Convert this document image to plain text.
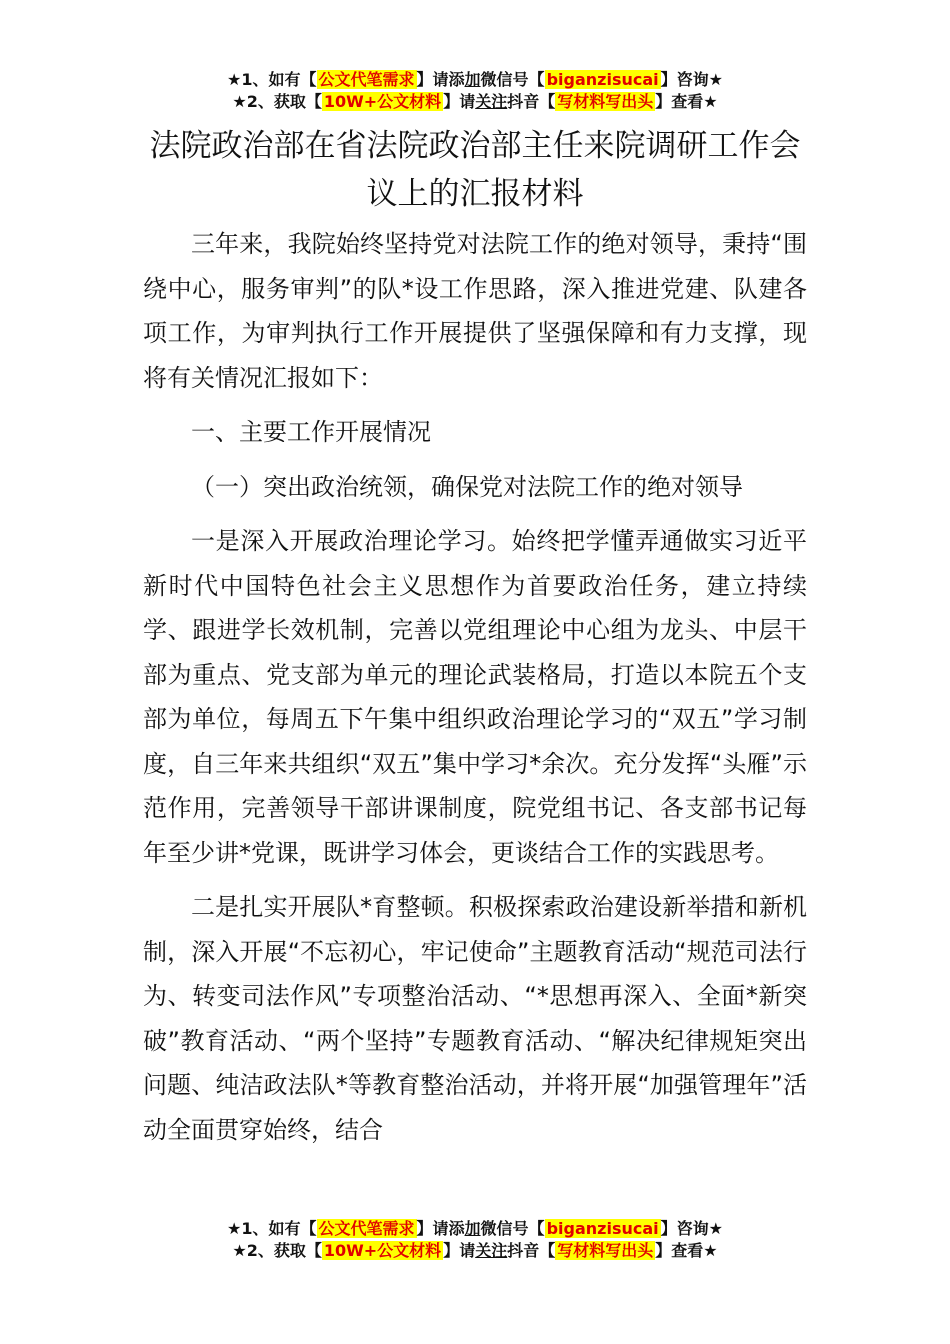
★1、如有【 公文代笔需求 】请添加微信号【 biganzisucai 】咨询★
★2、获取【 10W+公文材料 】请关注抖音【 写材料写出头 】查看★
法院政治部在省法院政治部主任来院调研工作会议上的汇报材料

三年来，我院始终坚持党对法院工作的绝对领导，秉持“围绕中心，服务审判”的队*设工作思路，深入推进党建、队建各项工作，为审判执行工作开展提供了坚强保障和有力支撑，现将有关情况汇报如下：

一、主要工作开展情况

（一）突出政治统领，确保党对法院工作的绝对领导

一是深入开展政治理论学习。始终把学懂弄通做实习近平新时代中国特色社会主义思想作为首要政治任务，建立持续学、跟进学长效机制，完善以党组理论中心组为龙头、中层干部为重点、党支部为单元的理论武装格局，打造以本院五个支部为单位，每周五下午集中组织政治理论学习的“双五”学习制度，自三年来共组织“双五”集中学习*余次。充分发挥“头雁”示范作用，完善领导干部讲课制度，院党组书记、各支部书记每年至少讲*党课，既讲学习体会，更谈结合工作的实践思考。

二是扎实开展队*育整顿。积极探索政治建设新举措和新机制，深入开展“不忘初心，牢记使命”主题教育活动“规范司法行为、转变司法作风”专项整治活动、“*思想再深入、全面*新突破”教育活动、“两个坚持”专题教育活动、“解决纪律规矩突出问题、纯洁政法队*等教育整治活动，并将开展“加强管理年”活动全面贯穿始终，结合

★1、如有【 公文代笔需求 】请添加微信号【 biganzisucai 】咨询★
★2、获取【 10W+公文材料 】请关注抖音【 写材料写出头 】查看★
